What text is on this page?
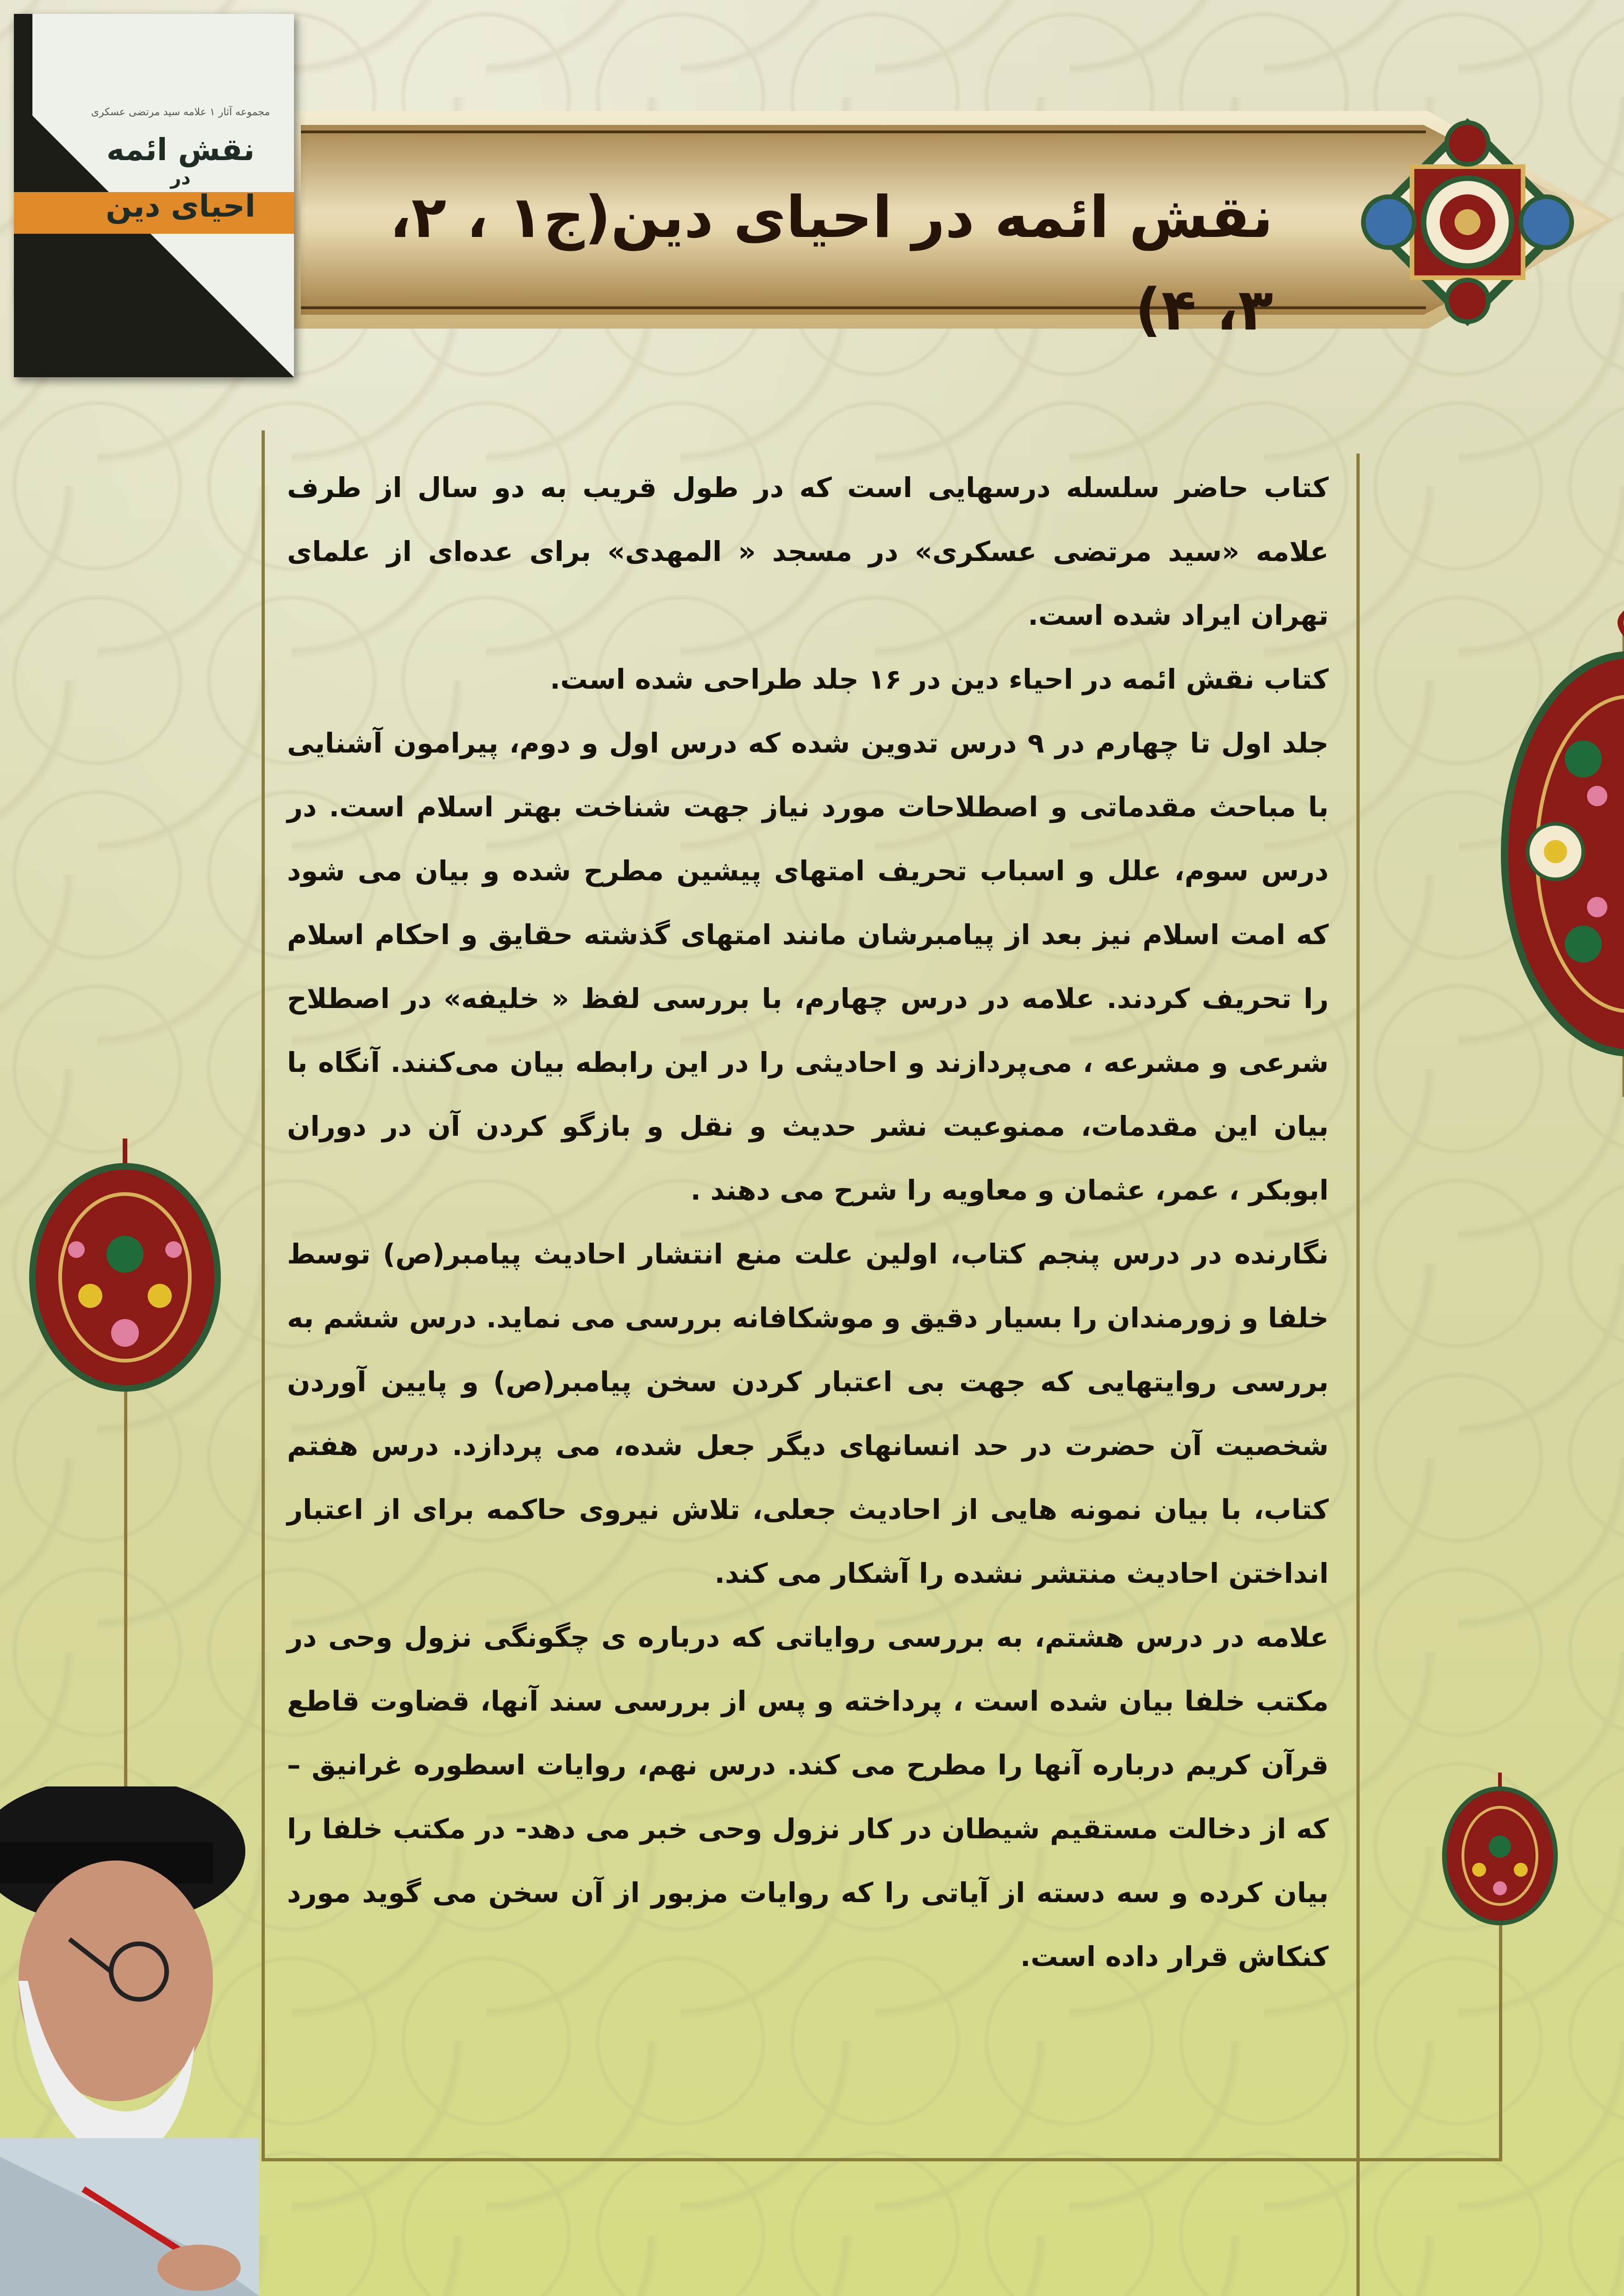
نقش ائمه در احیای دین(ج۱ ، ۲، ۳، ۴)
مجموعه آثار ۱ علامه سید مرتضی عسکری
نقش ائمه
در
احیای دین

کتاب حاضر سلسله درسهایی است که در طول قریب به دو سال از طرف علامه «سید مرتضی عسکری» در مسجد « المهدی» برای عده‌ای از علمای تهران ایراد شده است.

کتاب نقش ائمه در احیاء دین در ۱۶ جلد طراحی شده است.

جلد اول تا چهارم در ۹ درس تدوین شده که درس اول و دوم، پیرامون آشنایی با مباحث مقدماتی و اصطلاحات مورد نیاز جهت شناخت بهتر اسلام است. در درس سوم، علل و اسباب تحریف امتهای پیشین مطرح شده و بیان می شود که امت اسلام نیز بعد از پیامبرشان مانند امتهای گذشته حقایق و احکام اسلام را تحریف کردند. علامه در درس چهارم، با بررسی لفظ « خلیفه» در اصطلاح شرعی و مشرعه ، می‌پردازند و احادیثی را در این رابطه بیان می‌کنند. آنگاه با بیان این مقدمات، ممنوعیت نشر حدیث و نقل و بازگو کردن آن در دوران ابوبکر ، عمر، عثمان و معاویه را شرح می دهند .

نگارنده در درس پنجم کتاب، اولین علت منع انتشار احادیث پیامبر(ص) توسط خلفا و زورمندان را بسیار دقیق و موشکافانه بررسی می نماید. درس ششم به بررسی روایتهایی که جهت بی اعتبار کردن سخن پیامبر(ص) و پایین آوردن شخصیت آن حضرت در حد انسانهای دیگر جعل شده، می پردازد. درس هفتم کتاب، با بیان نمونه هایی از احادیث جعلی، تلاش نیروی حاکمه برای از اعتبار انداختن احادیث منتشر نشده را آشکار می کند.

علامه در درس هشتم، به بررسی روایاتی که درباره ی چگونگی نزول وحی در مکتب خلفا بیان شده است ، پرداخته و پس از بررسی سند آنها، قضاوت قاطع قرآن کریم درباره آنها را مطرح می کند. درس نهم، روایات اسطوره غرانیق – که از دخالت مستقیم شیطان در کار نزول وحی خبر می دهد- در مکتب خلفا را بیان کرده و سه دسته از آیاتی را که روایات مزبور از آن سخن می گوید مورد کنکاش قرار داده است.
